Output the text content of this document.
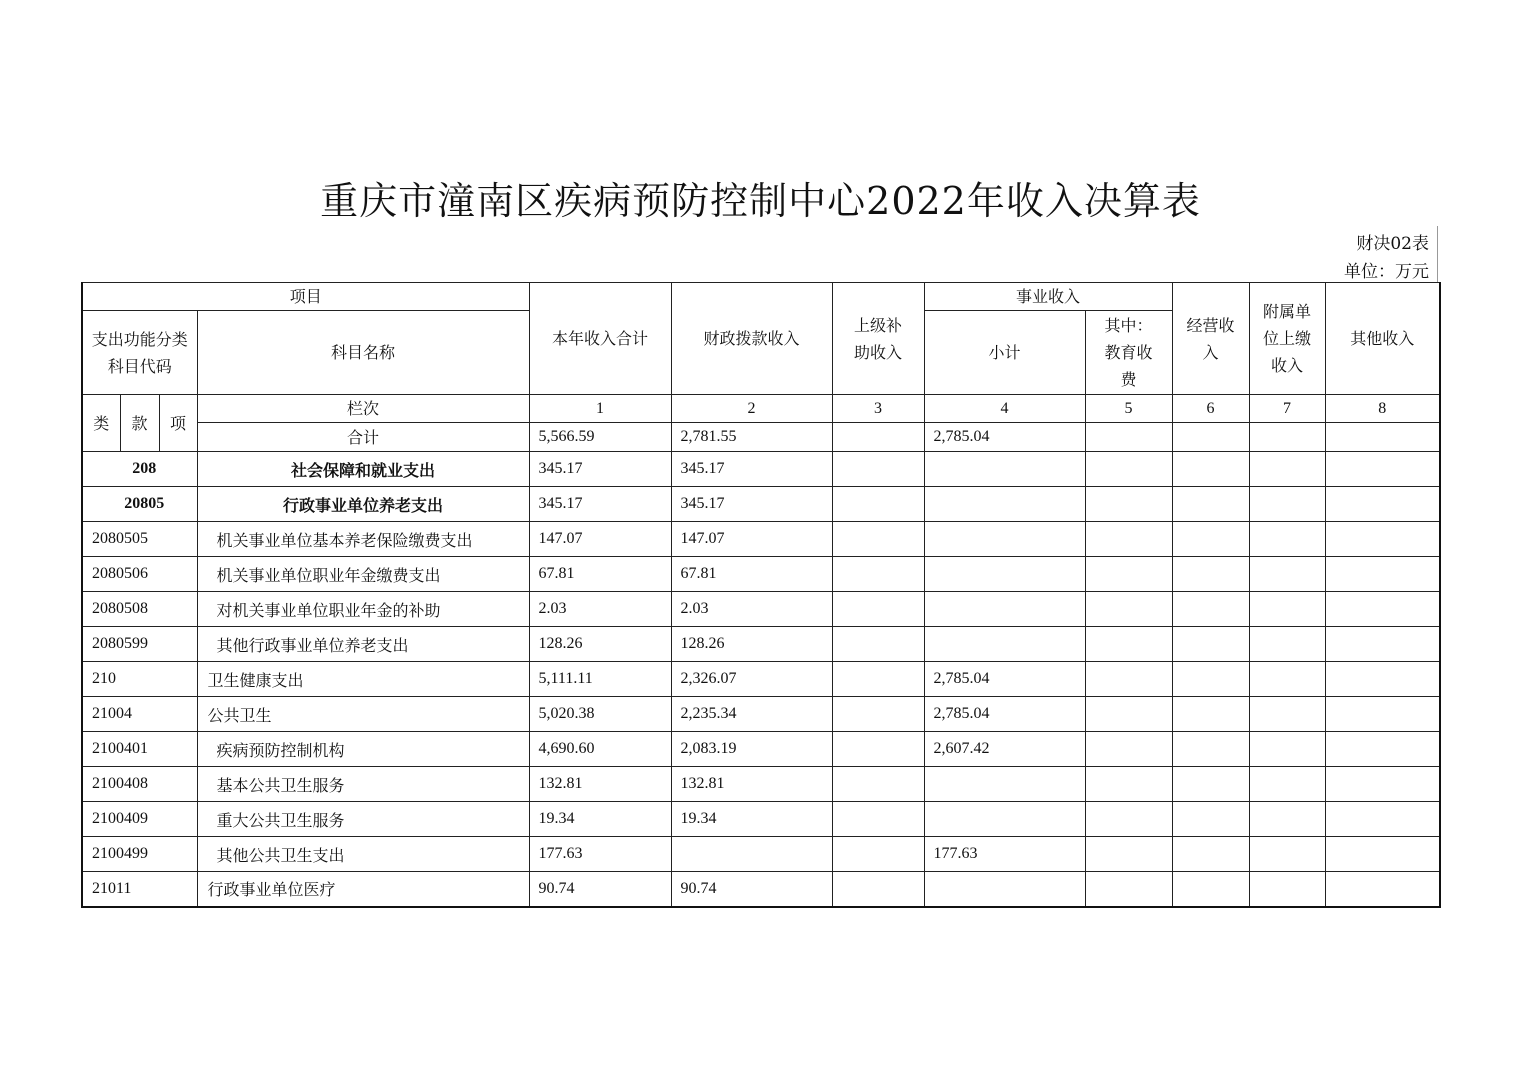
重庆市潼南区疾病预防控制中心2022年收入决算表
财决02表
单位：万元
项目				本年收入合计	财政拨款收入	上级补助收入	事业收入		经营收入	附属单位上缴收入	其他收入
支出功能分类科目代码			科目名称				小计	其中：教育收费			
类	款	项	栏次	1	2	3	4	5	6	7	8
			合计	5,566.59	2,781.55		2,785.04				
208			社会保障和就业支出	345.17	345.17						
20805			行政事业单位养老支出	345.17	345.17						
2080505			机关事业单位基本养老保险缴费支出	147.07	147.07						
2080506			机关事业单位职业年金缴费支出	67.81	67.81						
2080508			对机关事业单位职业年金的补助	2.03	2.03						
2080599			其他行政事业单位养老支出	128.26	128.26						
210			卫生健康支出	5,111.11	2,326.07		2,785.04				
21004			公共卫生	5,020.38	2,235.34		2,785.04				
2100401			疾病预防控制机构	4,690.60	2,083.19		2,607.42				
2100408			基本公共卫生服务	132.81	132.81						
2100409			重大公共卫生服务	19.34	19.34						
2100499			其他公共卫生支出	177.63			177.63				
21011			行政事业单位医疗	90.74	90.74						
